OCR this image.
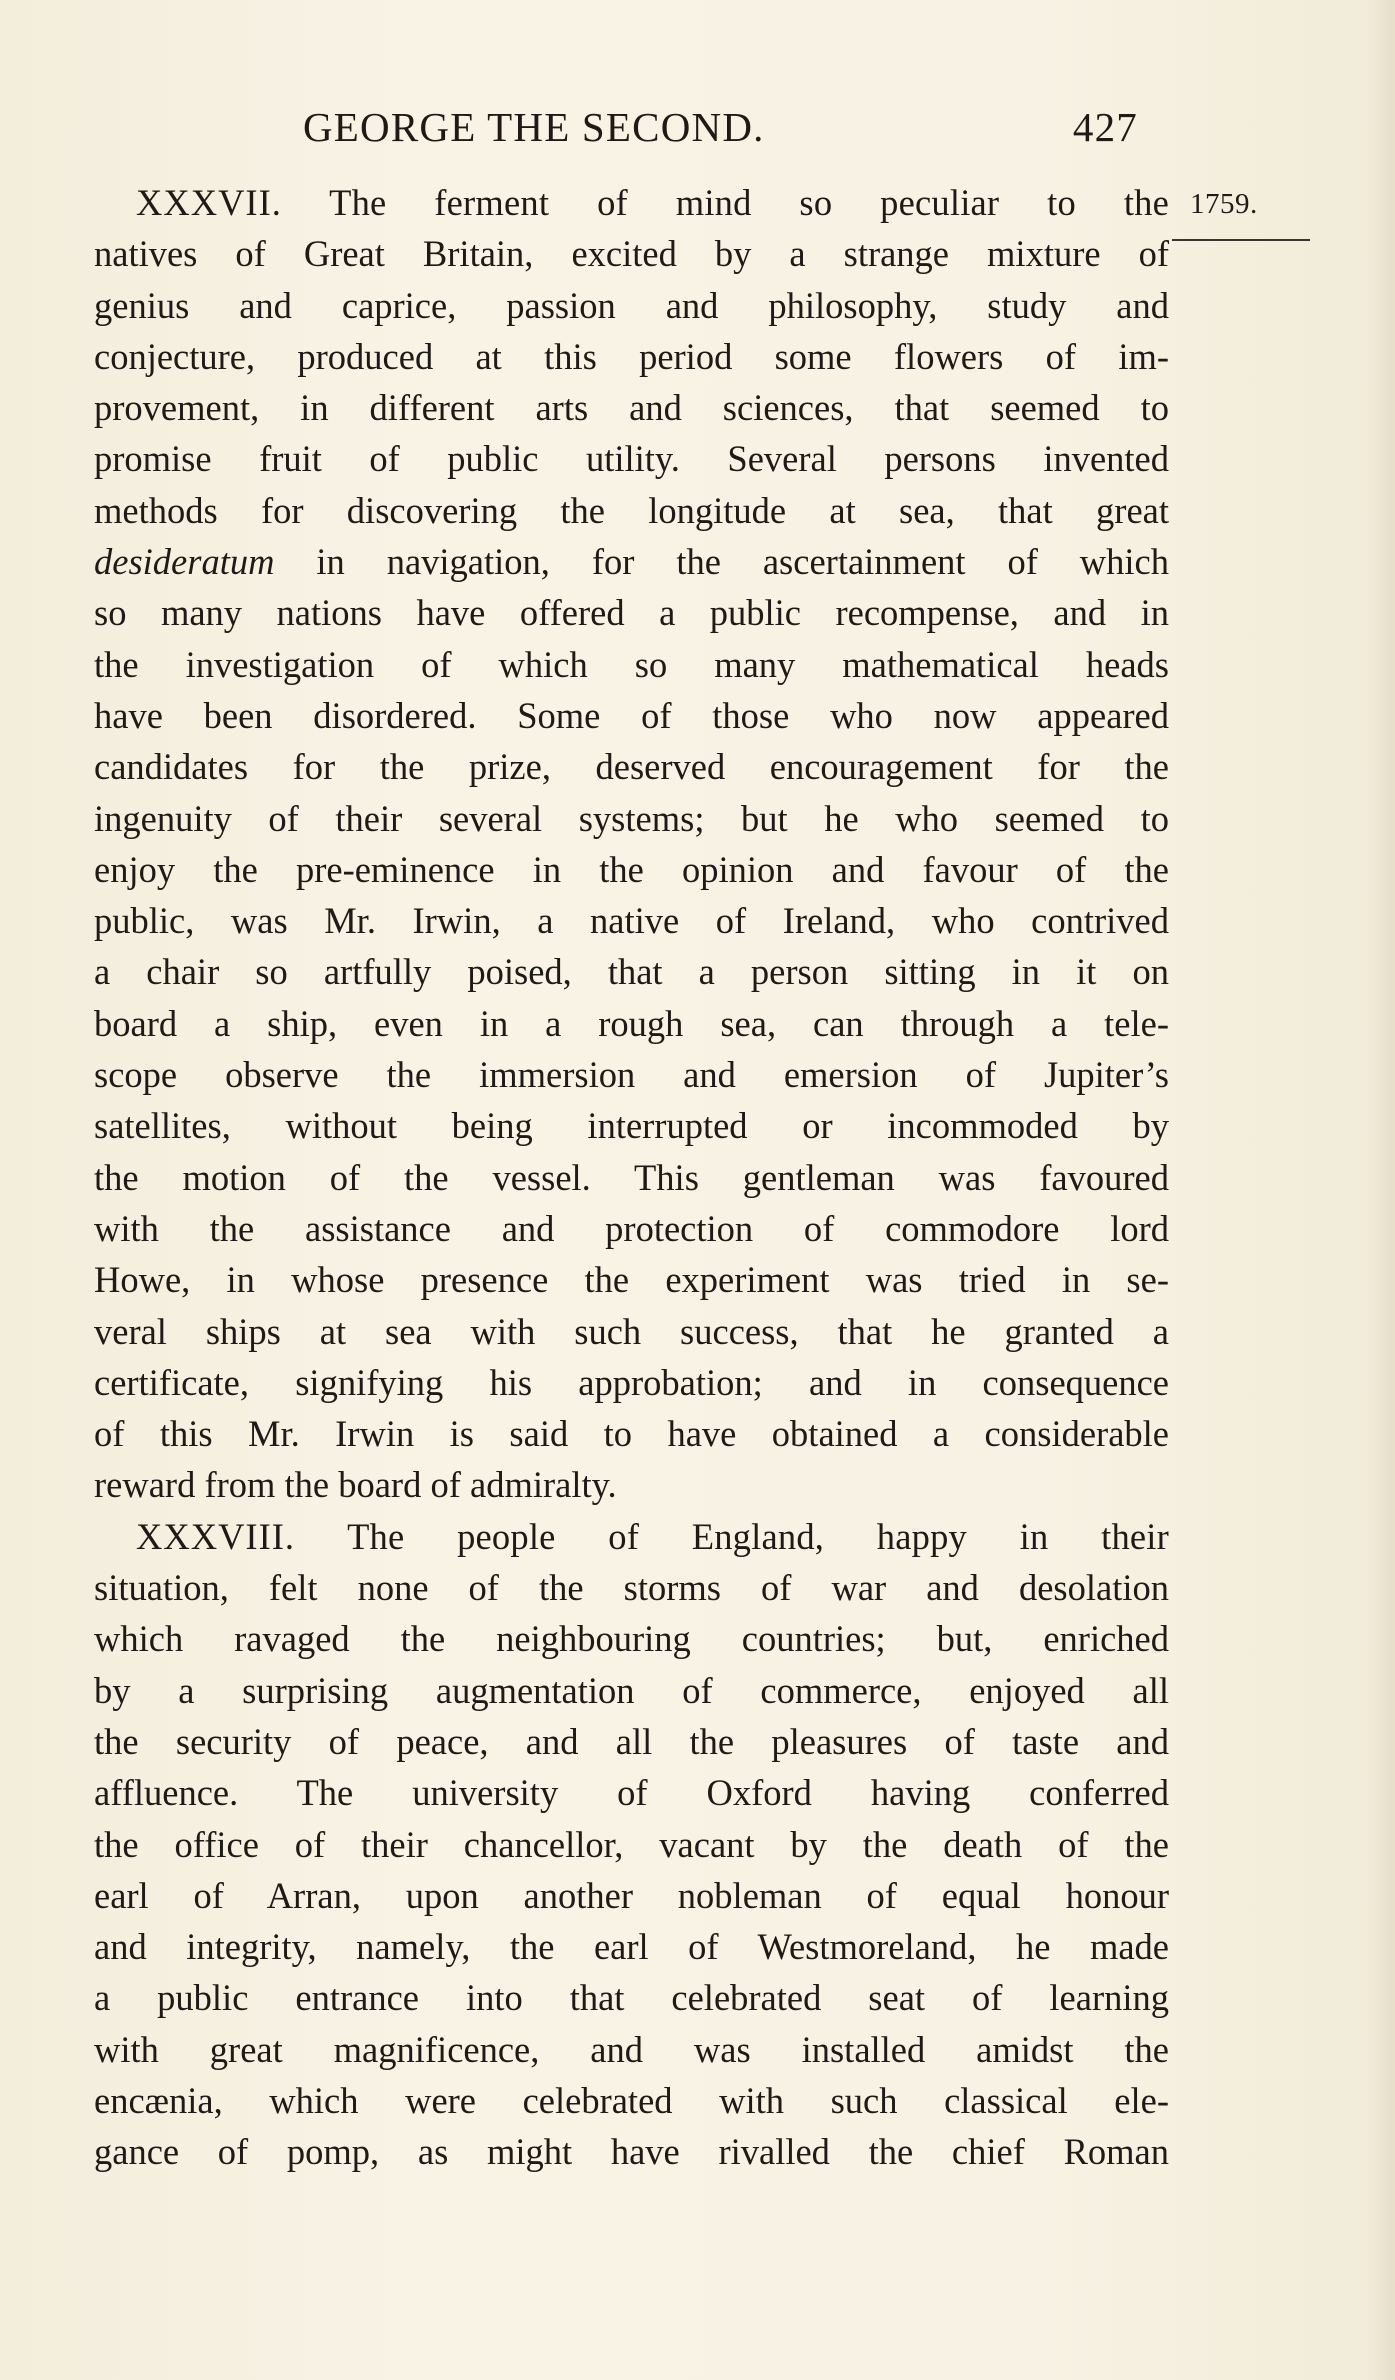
GEORGE THE SECOND.	427
1759.
XXXVII. The ferment of mind so peculiar to the
natives of Great Britain, excited by a strange mixture of
genius and caprice, passion and philosophy, study and
conjecture, produced at this period some flowers of im-
provement, in different arts and sciences, that seemed to
promise fruit of public utility. Several persons invented
methods for discovering the longitude at sea, that great
desideratum in navigation, for the ascertainment of which
so many nations have offered a public recompense, and in
the investigation of which so many mathematical heads
have been disordered. Some of those who now appeared
candidates for the prize, deserved encouragement for the
ingenuity of their several systems; but he who seemed to
enjoy the pre-eminence in the opinion and favour of the
public, was Mr. Irwin, a native of Ireland, who contrived
a chair so artfully poised, that a person sitting in it on
board a ship, even in a rough sea, can through a tele-
scope observe the immersion and emersion of Jupiter’s
satellites, without being interrupted or incommoded by
the motion of the vessel. This gentleman was favoured
with the assistance and protection of commodore lord
Howe, in whose presence the experiment was tried in se-
veral ships at sea with such success, that he granted a
certificate, signifying his approbation; and in consequence
of this Mr. Irwin is said to have obtained a considerable
reward from the board of admiralty.
XXXVIII. The people of England, happy in their
situation, felt none of the storms of war and desolation
which ravaged the neighbouring countries; but, enriched
by a surprising augmentation of commerce, enjoyed all
the security of peace, and all the pleasures of taste and
affluence. The university of Oxford having conferred
the office of their chancellor, vacant by the death of the
earl of Arran, upon another nobleman of equal honour
and integrity, namely, the earl of Westmoreland, he made
a public entrance into that celebrated seat of learning
with great magnificence, and was installed amidst the
encænia, which were celebrated with such classical ele-
gance of pomp, as might have rivalled the chief Roman
